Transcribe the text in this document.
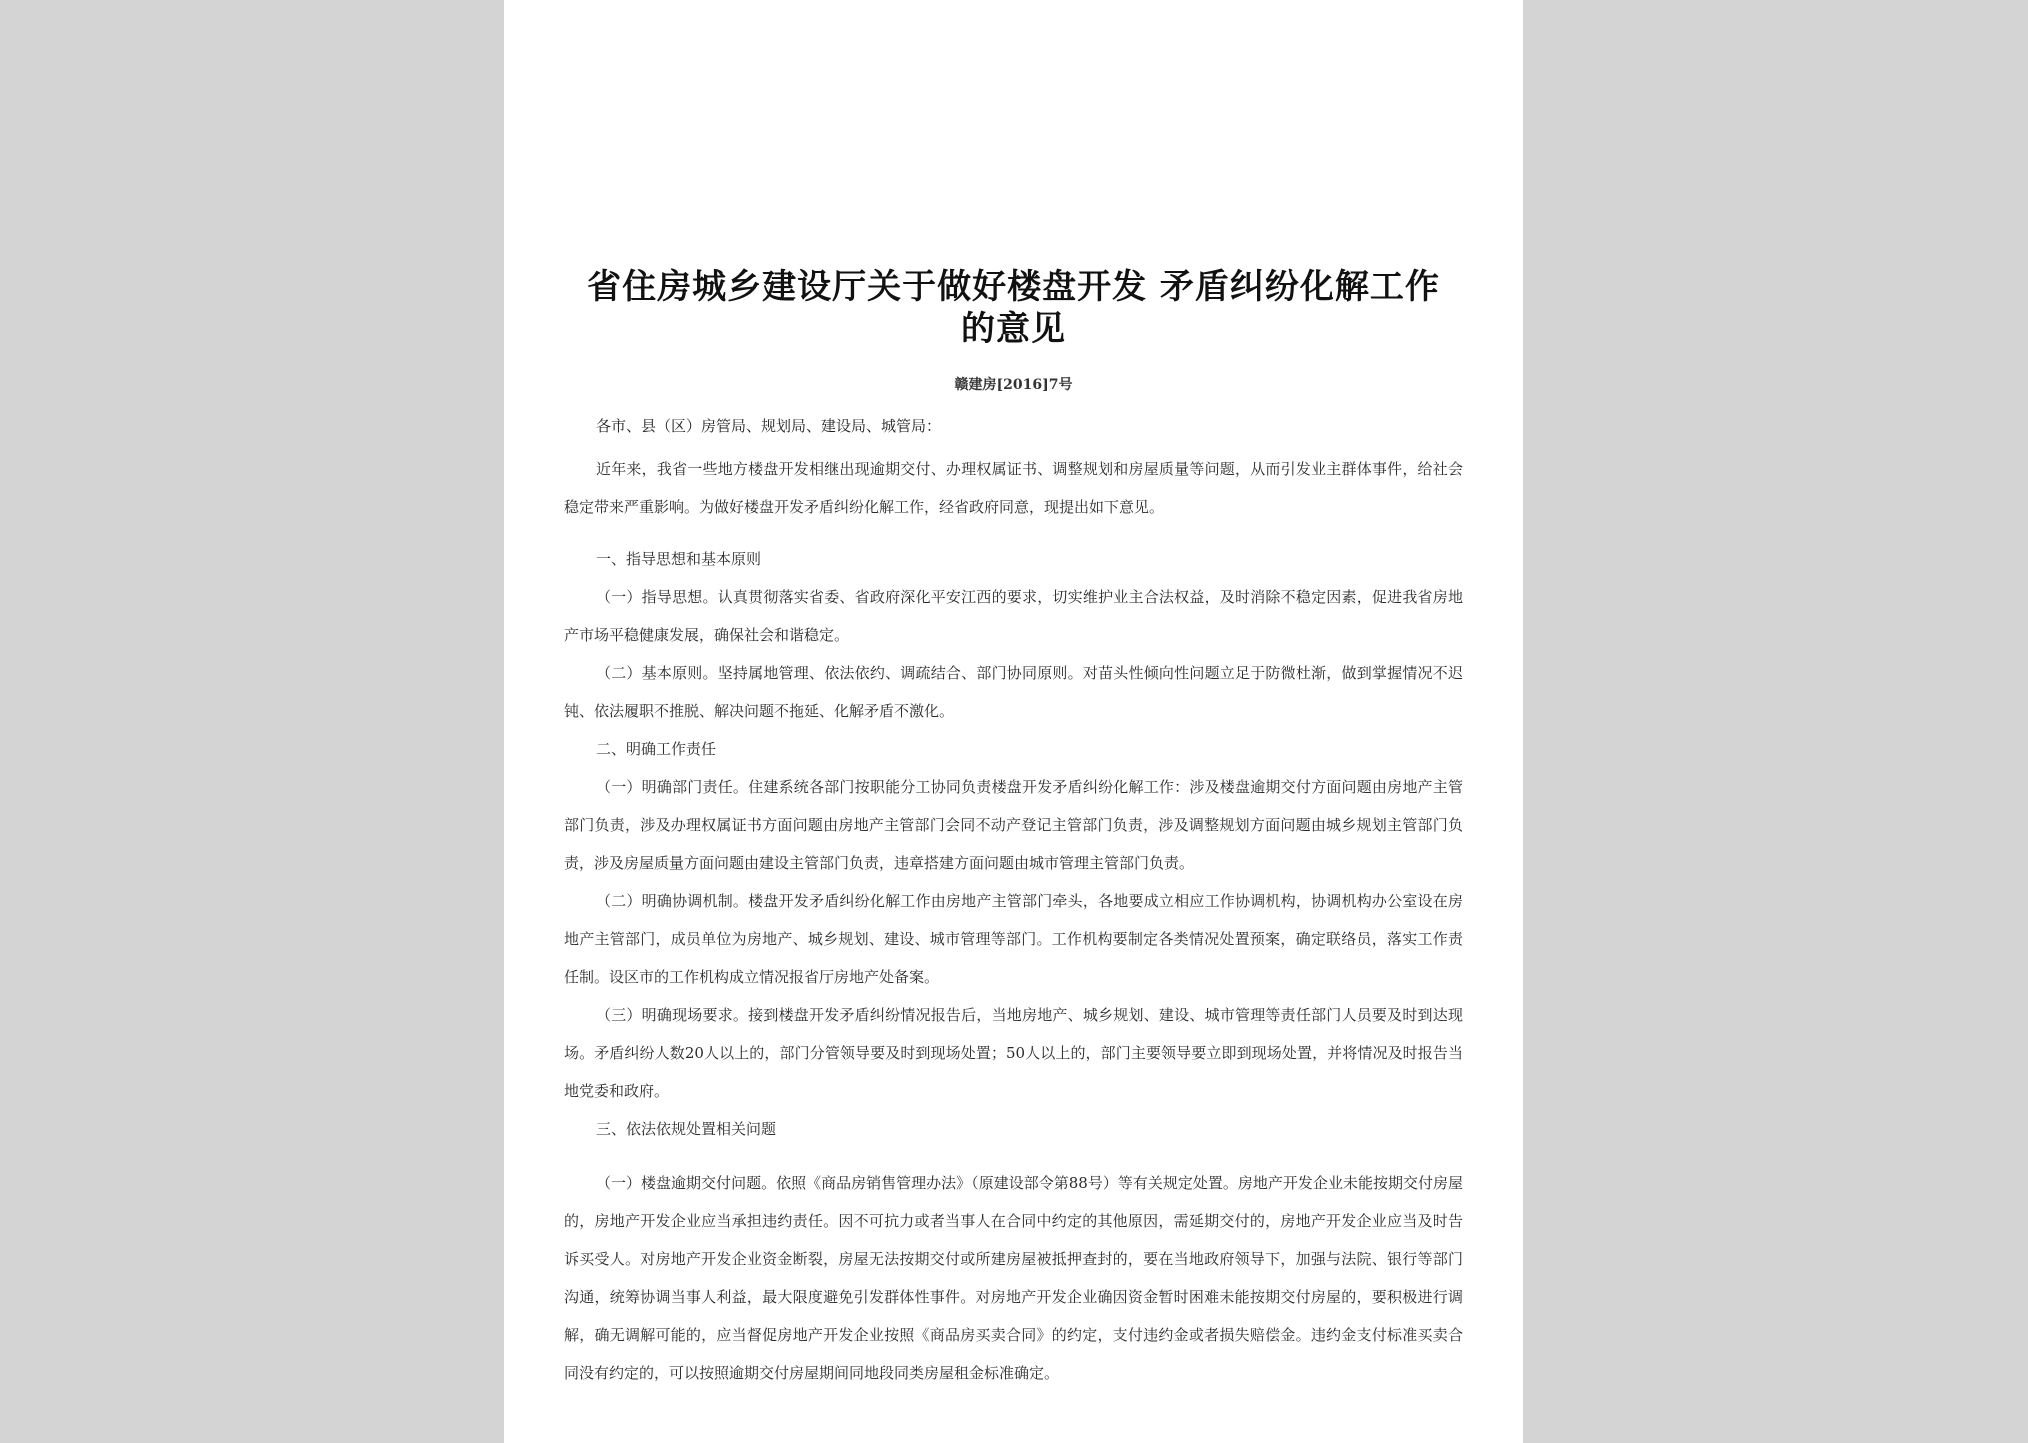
省住房城乡建设厅关于做好楼盘开发 矛盾纠纷化解工作
的意见
赣建房[2016]7号
各市、县（区）房管局、规划局、建设局、城管局：

近年来，我省一些地方楼盘开发相继出现逾期交付、办理权属证书、调整规划和房屋质量等问题，从而引发业主群体事件，给社会稳定带来严重影响。为做好楼盘开发矛盾纠纷化解工作，经省政府同意，现提出如下意见。

一、指导思想和基本原则

（一）指导思想。认真贯彻落实省委、省政府深化平安江西的要求，切实维护业主合法权益，及时消除不稳定因素，促进我省房地产市场平稳健康发展，确保社会和谐稳定。

（二）基本原则。坚持属地管理、依法依约、调疏结合、部门协同原则。对苗头性倾向性问题立足于防微杜渐，做到掌握情况不迟钝、依法履职不推脱、解决问题不拖延、化解矛盾不激化。

二、明确工作责任

（一）明确部门责任。住建系统各部门按职能分工协同负责楼盘开发矛盾纠纷化解工作：涉及楼盘逾期交付方面问题由房地产主管部门负责，涉及办理权属证书方面问题由房地产主管部门会同不动产登记主管部门负责，涉及调整规划方面问题由城乡规划主管部门负责，涉及房屋质量方面问题由建设主管部门负责，违章搭建方面问题由城市管理主管部门负责。

（二）明确协调机制。楼盘开发矛盾纠纷化解工作由房地产主管部门牵头，各地要成立相应工作协调机构，协调机构办公室设在房地产主管部门，成员单位为房地产、城乡规划、建设、城市管理等部门。工作机构要制定各类情况处置预案，确定联络员，落实工作责任制。设区市的工作机构成立情况报省厅房地产处备案。

（三）明确现场要求。接到楼盘开发矛盾纠纷情况报告后，当地房地产、城乡规划、建设、城市管理等责任部门人员要及时到达现场。矛盾纠纷人数20人以上的，部门分管领导要及时到现场处置；50人以上的，部门主要领导要立即到现场处置，并将情况及时报告当地党委和政府。

三、依法依规处置相关问题

（一）楼盘逾期交付问题。依照《商品房销售管理办法》（原建设部令第88号）等有关规定处置。房地产开发企业未能按期交付房屋的，房地产开发企业应当承担违约责任。因不可抗力或者当事人在合同中约定的其他原因，需延期交付的，房地产开发企业应当及时告诉买受人。对房地产开发企业资金断裂，房屋无法按期交付或所建房屋被抵押查封的，要在当地政府领导下，加强与法院、银行等部门沟通，统筹协调当事人利益，最大限度避免引发群体性事件。对房地产开发企业确因资金暂时困难未能按期交付房屋的，要积极进行调解，确无调解可能的，应当督促房地产开发企业按照《商品房买卖合同》的约定，支付违约金或者损失赔偿金。违约金支付标准买卖合同没有约定的，可以按照逾期交付房屋期间同地段同类房屋租金标准确定。
